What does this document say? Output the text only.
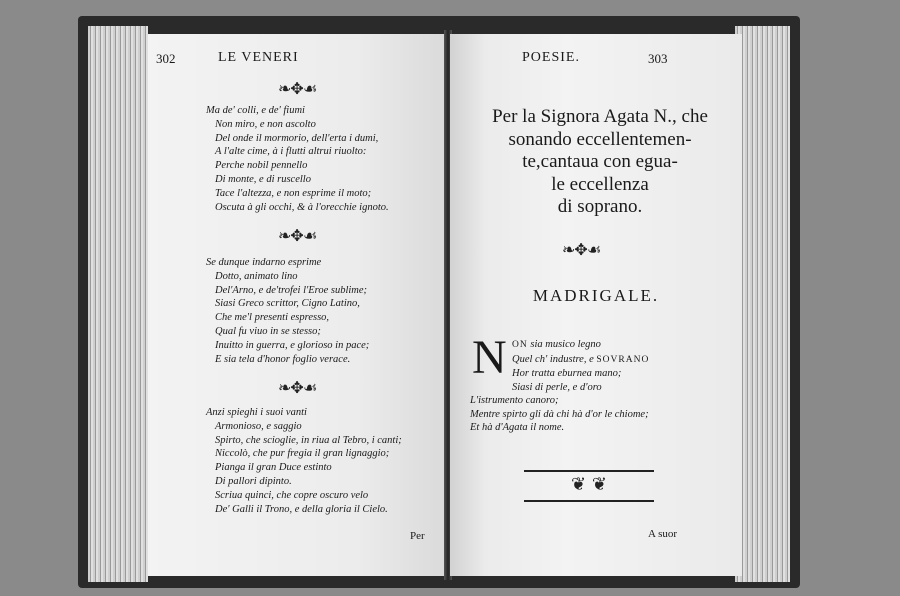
302	LE VENERI
❧✥☙
Ma de' colli, e de' fiumi
Non miro, e non ascolto
Del onde il mormorio, dell'erta i dumi,
A l'alte cime, à i flutti altrui riuolto:
Perche nobil pennello
Di monte, e di ruscello
Tace l'altezza, e non esprime il moto;
Oscuta à gli occhi, & à l'orecchie ignoto.
❧✥☙
Se dunque indarno esprime
Dotto, animato lino
Del'Arno, e de'trofei l'Eroe sublime;
Siasi Greco scrittor, Cigno Latino,
Che me'l presenti espresso,
Qual fu viuo in se stesso;
Inuitto in guerra, e glorioso in pace;
E sia tela d'honor foglio verace.
❧✥☙
Anzi spieghi i suoi vanti
Armonioso, e saggio
Spirto, che scioglie, in riua al Tebro, i canti;
Niccolò, che pur fregia il gran lignaggio;
Pianga il gran Duce estinto
Di pallori dipinto.
Scriua quinci, che copre oscuro velo
De' Galli il Trono, e della gloria il Cielo.
Per
POESIE.	303
Per la Signora Agata N., che
sonando eccellentemen-
te,cantaua con egua-
le eccellenza
di soprano.
❧✥☙
MADRIGALE.
N ON sia musico legno
Quel ch' industre, e SOVRANO
Hor tratta eburnea mano;
Siasi di perle, e d'oro
L'istrumento canoro;
Mentre spirto gli dà chi hà d'or le chiome;
Et hà d'Agata il nome.
❦ ❦
A suor
